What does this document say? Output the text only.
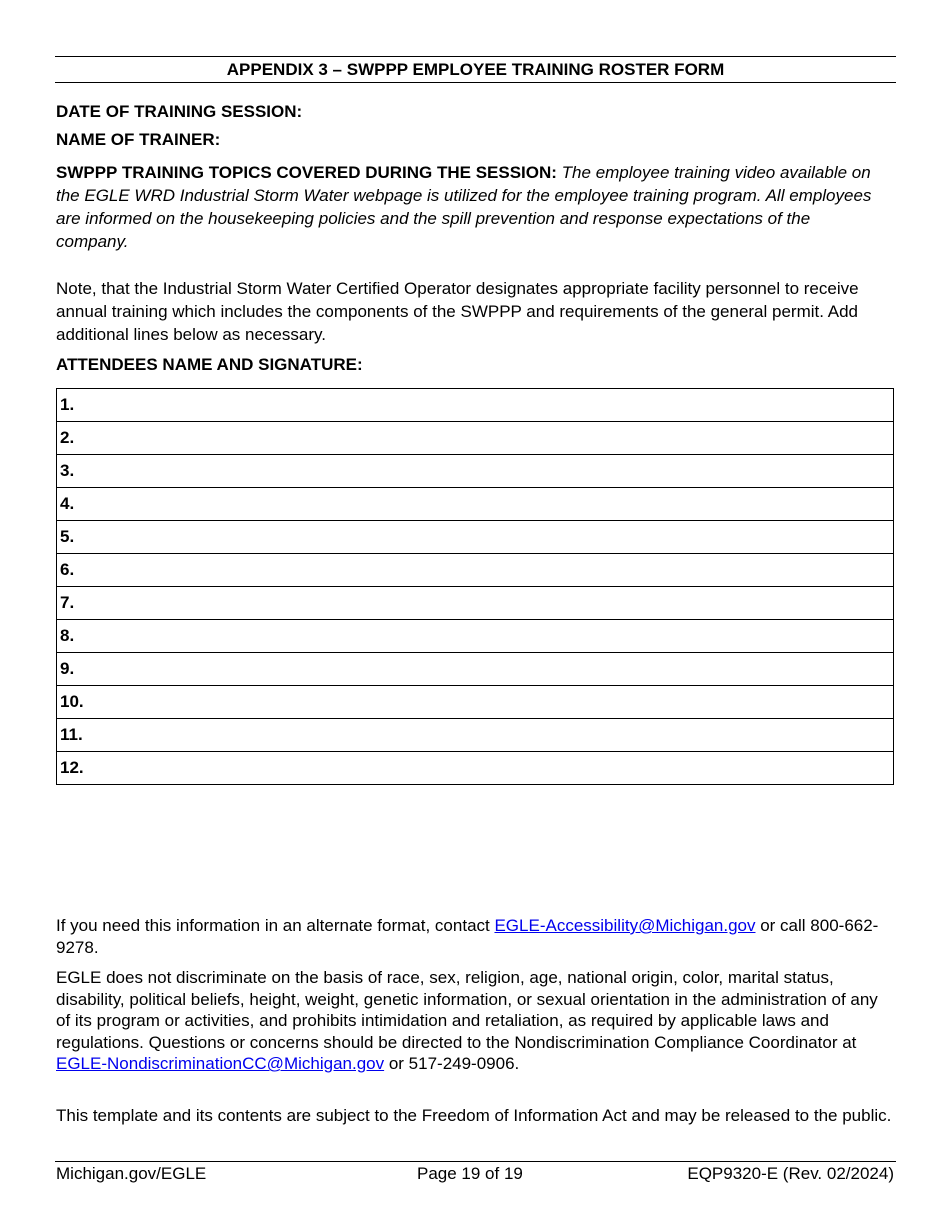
APPENDIX 3 – SWPPP EMPLOYEE TRAINING ROSTER FORM
DATE OF TRAINING SESSION:
NAME OF TRAINER:
SWPPP TRAINING TOPICS COVERED DURING THE SESSION: The employee training video available on the EGLE WRD Industrial Storm Water webpage is utilized for the employee training program. All employees are informed on the housekeeping policies and the spill prevention and response expectations of the company.
Note, that the Industrial Storm Water Certified Operator designates appropriate facility personnel to receive annual training which includes the components of the SWPPP and requirements of the general permit. Add additional lines below as necessary.
ATTENDEES NAME AND SIGNATURE:
1.
2.
3.
4.
5.
6.
7.
8.
9.
10.
11.
12.
If you need this information in an alternate format, contact EGLE-Accessibility@Michigan.gov or call 800-662-9278.
EGLE does not discriminate on the basis of race, sex, religion, age, national origin, color, marital status, disability, political beliefs, height, weight, genetic information, or sexual orientation in the administration of any of its program or activities, and prohibits intimidation and retaliation, as required by applicable laws and regulations. Questions or concerns should be directed to the Nondiscrimination Compliance Coordinator at EGLE-NondiscriminationCC@Michigan.gov or 517-249-0906.
This template and its contents are subject to the Freedom of Information Act and may be released to the public.
Michigan.gov/EGLE	Page 19 of 19	EQP9320-E (Rev. 02/2024)
